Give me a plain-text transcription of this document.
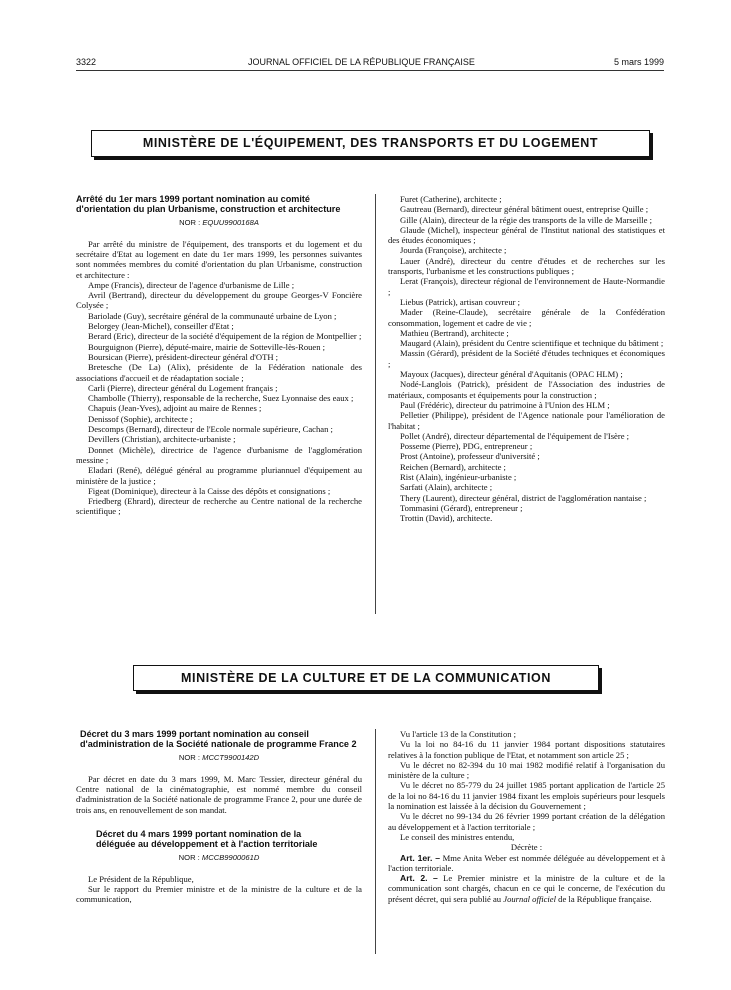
3322	JOURNAL OFFICIEL DE LA RÉPUBLIQUE FRANÇAISE	5 mars 1999
MINISTÈRE DE L'ÉQUIPEMENT, DES TRANSPORTS ET DU LOGEMENT
Arrêté du 1er mars 1999 portant nomination au comité d'orientation du plan Urbanisme, construction et architecture
NOR : EQUU9900168A

Par arrêté du ministre de l'équipement, des transports et du logement et du secrétaire d'Etat au logement en date du 1er mars 1999, les personnes suivantes sont nommées membres du comité d'orientation du plan Urbanisme, construction et architecture :

Ampe (Francis), directeur de l'agence d'urbanisme de Lille ;

Avril (Bertrand), directeur du développement du groupe Georges-V Foncière Colysée ;

Bariolade (Guy), secrétaire général de la communauté urbaine de Lyon ;

Belorgey (Jean-Michel), conseiller d'Etat ;

Berard (Eric), directeur de la société d'équipement de la région de Montpellier ;

Bourguignon (Pierre), député-maire, mairie de Sotteville-lès-Rouen ;

Boursican (Pierre), président-directeur général d'OTH ;

Bretesche (De La) (Alix), présidente de la Fédération nationale des associations d'accueil et de réadaptation sociale ;

Carli (Pierre), directeur général du Logement français ;

Chambolle (Thierry), responsable de la recherche, Suez Lyonnaise des eaux ;

Chapuis (Jean-Yves), adjoint au maire de Rennes ;

Denissof (Sophie), architecte ;

Descomps (Bernard), directeur de l'Ecole normale supérieure, Cachan ;

Devillers (Christian), architecte-urbaniste ;

Donnet (Michèle), directrice de l'agence d'urbanisme de l'agglomération messine ;

Eladari (René), délégué général au programme pluriannuel d'équipement au ministère de la justice ;

Figeat (Dominique), directeur à la Caisse des dépôts et consignations ;

Friedberg (Ehrard), directeur de recherche au Centre national de la recherche scientifique ;

Furet (Catherine), architecte ;

Gautreau (Bernard), directeur général bâtiment ouest, entreprise Quille ;

Gille (Alain), directeur de la régie des transports de la ville de Marseille ;

Glaude (Michel), inspecteur général de l'Institut national des statistiques et des études économiques ;

Jourda (Françoise), architecte ;

Lauer (André), directeur du centre d'études et de recherches sur les transports, l'urbanisme et les constructions publiques ;

Lerat (François), directeur régional de l'environnement de Haute-Normandie ;

Liebus (Patrick), artisan couvreur ;

Mader (Reine-Claude), secrétaire générale de la Confédération consommation, logement et cadre de vie ;

Mathieu (Bertrand), architecte ;

Maugard (Alain), président du Centre scientifique et technique du bâtiment ;

Massin (Gérard), président de la Société d'études techniques et économiques ;

Mayoux (Jacques), directeur général d'Aquitanis (OPAC HLM) ;

Nodé-Langlois (Patrick), président de l'Association des industries de matériaux, composants et équipements pour la construction ;

Paul (Frédéric), directeur du patrimoine à l'Union des HLM ;

Pelletier (Philippe), président de l'Agence nationale pour l'amélioration de l'habitat ;

Pollet (André), directeur départemental de l'équipement de l'Isère ;

Posseme (Pierre), PDG, entrepreneur ;

Prost (Antoine), professeur d'université ;

Reichen (Bernard), architecte ;

Rist (Alain), ingénieur-urbaniste ;

Sarfati (Alain), architecte ;

Thery (Laurent), directeur général, district de l'agglomération nantaise ;

Tommasini (Gérard), entrepreneur ;

Trottin (David), architecte.

MINISTÈRE DE LA CULTURE ET DE LA COMMUNICATION
Décret du 3 mars 1999 portant nomination au conseil d'administration de la Société nationale de programme France 2
NOR : MCCT9900142D

Par décret en date du 3 mars 1999, M. Marc Tessier, directeur général du Centre national de la cinématographie, est nommé membre du conseil d'administration de la Société nationale de programme France 2, pour une durée de trois ans, en renouvellement de son mandat.

Décret du 4 mars 1999 portant nomination de la déléguée au développement et à l'action territoriale
NOR : MCCB9900061D

Le Président de la République,

Sur le rapport du Premier ministre et de la ministre de la culture et de la communication,

Vu l'article 13 de la Constitution ;

Vu la loi no 84-16 du 11 janvier 1984 portant dispositions statutaires relatives à la fonction publique de l'Etat, et notamment son article 25 ;

Vu le décret no 82-394 du 10 mai 1982 modifié relatif à l'organisation du ministère de la culture ;

Vu le décret no 85-779 du 24 juillet 1985 portant application de l'article 25 de la loi no 84-16 du 11 janvier 1984 fixant les emplois supérieurs pour lesquels la nomination est laissée à la décision du Gouvernement ;

Vu le décret no 99-134 du 26 février 1999 portant création de la délégation au développement et à l'action territoriale ;

Le conseil des ministres entendu,

Décrète :

Art. 1er. – Mme Anita Weber est nommée déléguée au développement et à l'action territoriale.

Art. 2. – Le Premier ministre et la ministre de la culture et de la communication sont chargés, chacun en ce qui le concerne, de l'exécution du présent décret, qui sera publié au Journal officiel de la République française.
